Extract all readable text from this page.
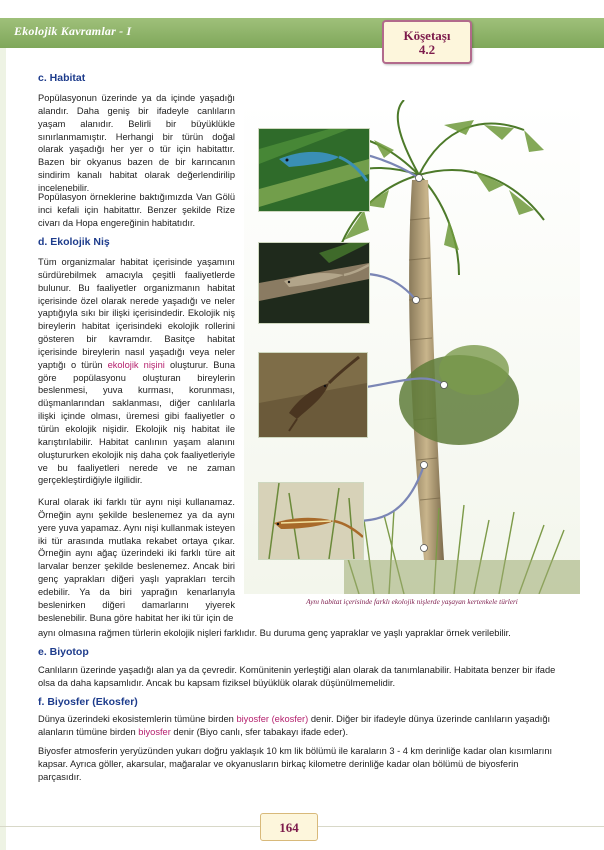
Ekolojik Kavramlar - I	Köşetaşı
4.2
c. Habitat

Popülasyonun üzerinde ya da içinde yaşadığı alandır. Daha geniş bir ifadeyle canlıların yaşam alanıdır. Belirli bir büyüklükle sınırlanmamıştır. Herhangi bir türün doğal olarak yaşadığı her yer o tür için habitattır. Bazen bir okyanus bazen de bir karıncanın sindirim kanalı habitat olarak değerlendirilip incelenebilir.

Popülasyon örneklerine baktığımızda Van Gölü inci kefali için habitattır. Benzer şekilde Rize civarı da Hopa engereğinin habitatıdır.

d. Ekolojik Niş

Tüm organizmalar habitat içerisinde yaşamını sürdürebilmek amacıyla çeşitli faaliyetlerde bulunur. Bu faaliyetler organizmanın habitat içerisinde özel olarak nerede yaşadığı ve neler yaptığıyla sıkı bir ilişki içerisindedir. Ekolojik niş bireylerin habitat içerisindeki ekolojik rollerini gösteren bir kavramdır. Basitçe habitat içerisinde bireylerin nasıl yaşadığı veya neler yaptığı o türün ekolojik nişini oluşturur. Buna göre popülasyonu oluşturan bireylerin beslenmesi, yuva kurması, korunması, düşmanlarından saklanması, diğer canlılarla ilişki içinde olması, üremesi gibi faaliyetler o türün ekolojik nişidir. Ekolojik niş habitat ile karıştırılabilir. Habitat canlının yaşam alanını oluştururken ekolojik niş daha çok faaliyetleriyle ve bu faaliyetleri nerede ve ne zaman gerçekleştirdiğiyle ilgilidir.

Kural olarak iki farklı tür aynı nişi kullanamaz. Örneğin aynı şekilde beslenemez ya da aynı yere yuva yapamaz. Aynı nişi kullanmak isteyen iki tür arasında mutlaka rekabet ortaya çıkar. Örneğin aynı ağaç üzerindeki iki farklı türe ait larvalar benzer şekilde beslenemez. Ancak biri genç yaprakları diğeri yaşlı yaprakları tercih edebilir. Ya da biri yaprağın kenarlarıyla beslenirken diğeri damarlarını yiyerek beslenebilir. Buna göre habitat her iki tür için de

aynı olmasına rağmen türlerin ekolojik nişleri farklıdır. Bu duruma genç yapraklar ve yaşlı yapraklar örnek verilebilir.

e. Biyotop

Canlıların üzerinde yaşadığı alan ya da çevredir. Komünitenin yerleştiği alan olarak da tanımlanabilir. Habitata benzer bir ifade olsa da daha kapsamlıdır. Ancak bu kapsam fiziksel büyüklük olarak düşünülmemelidir.

f. Biyosfer (Ekosfer)

Dünya üzerindeki ekosistemlerin tümüne birden biyosfer (ekosfer) denir. Diğer bir ifadeyle dünya üzerinde canlıların yaşadığı alanların tümüne birden biyosfer denir (Biyo canlı, sfer tabakayı ifade eder).

Biyosfer atmosferin yeryüzünden yukarı doğru yaklaşık 10 km lik bölümü ile karaların 3 - 4 km derinliğe kadar olan kısımlarını kapsar. Ayrıca göller, akarsular, mağaralar ve okyanusların birkaç kilometre derinliğe kadar olan bölümü de biyosferin parçasıdır.

Aynı habitat içerisinde farklı ekolojik nişlerde yaşayan kertenkele türleri
164
